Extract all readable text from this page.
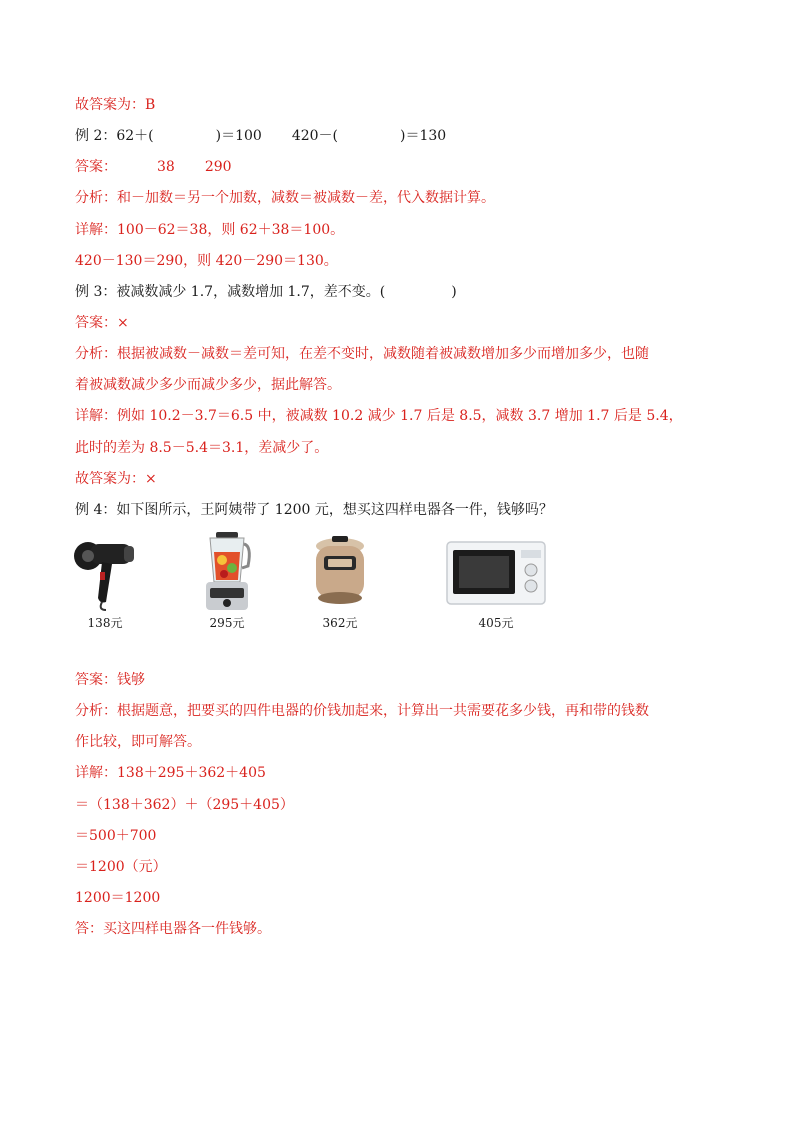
故答案为：B
例 2：62＋(	)＝100 420－(	)＝130
答案：	38 290
分析：和－加数＝另一个加数，减数＝被减数－差，代入数据计算。
详解：100－62＝38，则 62＋38＝100。
420－130＝290，则 420－290＝130。
例 3：被减数减少 1.7，减数增加 1.7，差不变。(	)
答案：×
分析：根据被减数－减数＝差可知，在差不变时，减数随着被减数增加多少而增加多少，也随
着被减数减少多少而减少多少，据此解答。
详解：例如 10.2－3.7＝6.5 中，被减数 10.2 减少 1.7 后是 8.5，减数 3.7 增加 1.7 后是 5.4，
此时的差为 8.5－5.4＝3.1，差减少了。
故答案为：×
例 4：如下图所示，王阿姨带了 1200 元，想买这四样电器各一件，钱够吗？
138元	295元	362元	405元
答案：钱够
分析：根据题意，把要买的四件电器的价钱加起来，计算出一共需要花多少钱，再和带的钱数
作比较，即可解答。
详解：138＋295＋362＋405
＝（138＋362）＋（295＋405）
＝500＋700
＝1200（元）
1200＝1200
答：买这四样电器各一件钱够。
